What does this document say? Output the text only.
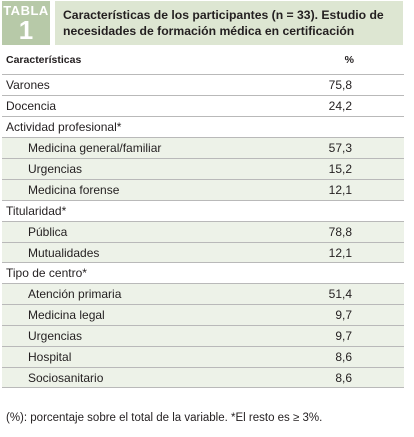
TABLA
1	Características de los participantes (n = 33). Estudio de necesidades de formación médica en certificación
Características	%
Varones	75,8
Docencia	24,2
Actividad profesional*
Medicina general/familiar	57,3
Urgencias	15,2
Medicina forense	12,1
Titularidad*
Pública	78,8
Mutualidades	12,1
Tipo de centro*
Atención primaria	51,4
Medicina legal	9,7
Urgencias	9,7
Hospital	8,6
Sociosanitario	8,6
(%): porcentaje sobre el total de la variable. *El resto es ≥ 3%.
